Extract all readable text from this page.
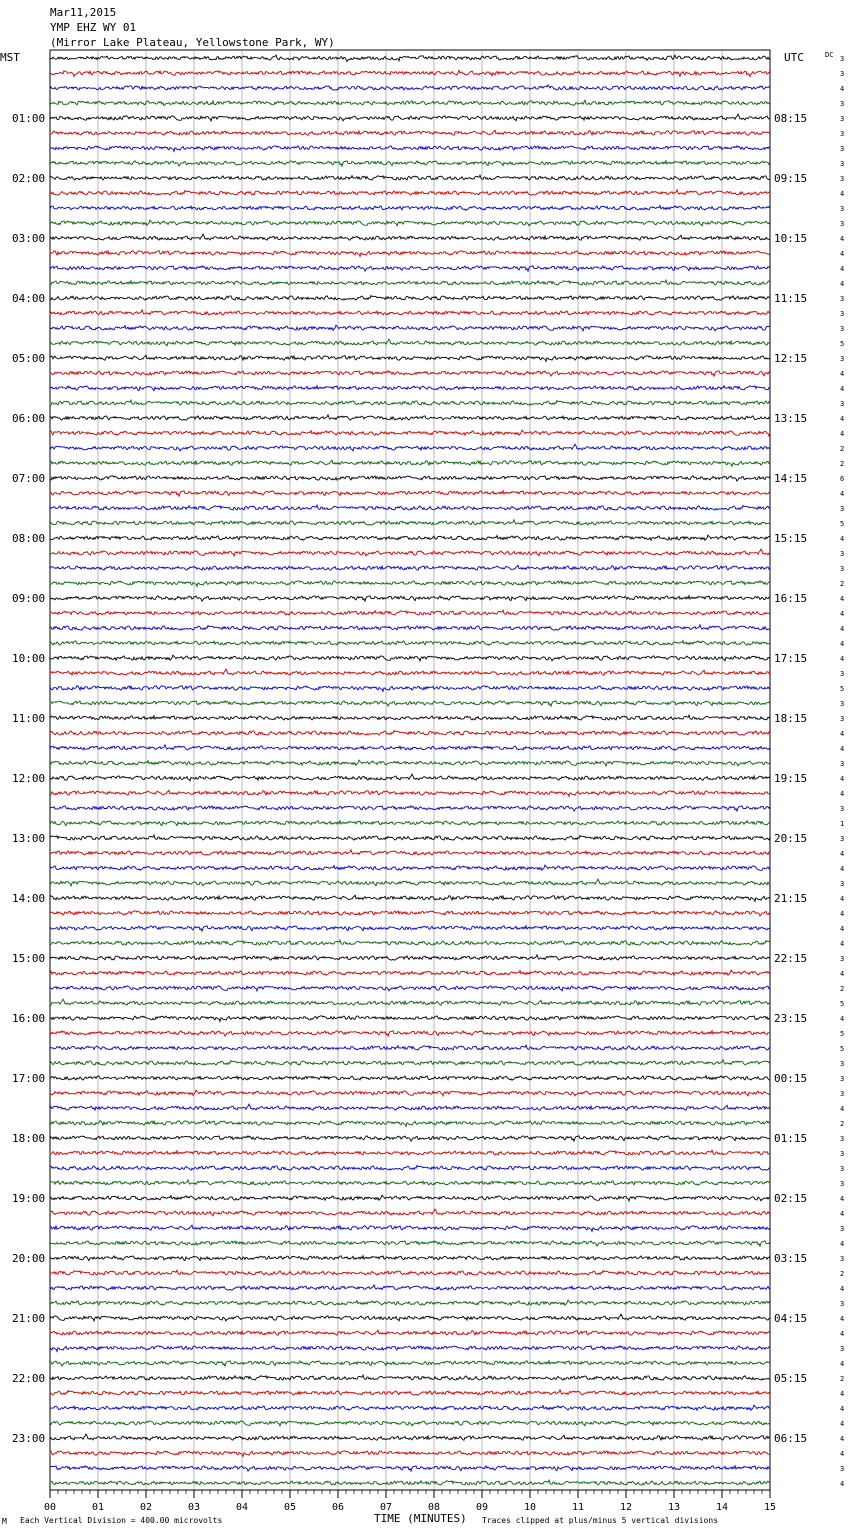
Mar11,2015
YMP EHZ WY 01
(Mirror Lake Plateau, Yellowstone Park, WY)
MST	UTC	DC
01:00
02:00
03:00
04:00
05:00
06:00
07:00
08:00
09:00
10:00
11:00
12:00
13:00
14:00
15:00
16:00
17:00
18:00
19:00
20:00
21:00
22:00
23:00
08:15
09:15
10:15
11:15
12:15
13:15
14:15
15:15
16:15
17:15
18:15
19:15
20:15
21:15
22:15
23:15
00:15
01:15
02:15
03:15
04:15
05:15
06:15
3
3
4
3
3
3
3
3
3
4
3
3
4
4
4
4
3
3
3
5
3
4
4
3
4
4
2
2
6
4
3
5
4
3
3
2
4
4
4
4
4
3
5
3
3
4
4
3
4
4
3
1
3
4
4
3
4
4
4
4
3
4
2
5
4
5
5
3
3
3
4
2
3
3
3
3
4
4
3
4
3
2
4
3
4
4
3
4
2
4
4
4
4
4
3
4
00	01	02	03	04	05	06	07	08	09	10	11	12	13	14	15
M Each Vertical Division = 400.00 microvolts	TIME (MINUTES) Traces clipped at plus/minus 5 vertical divisions
